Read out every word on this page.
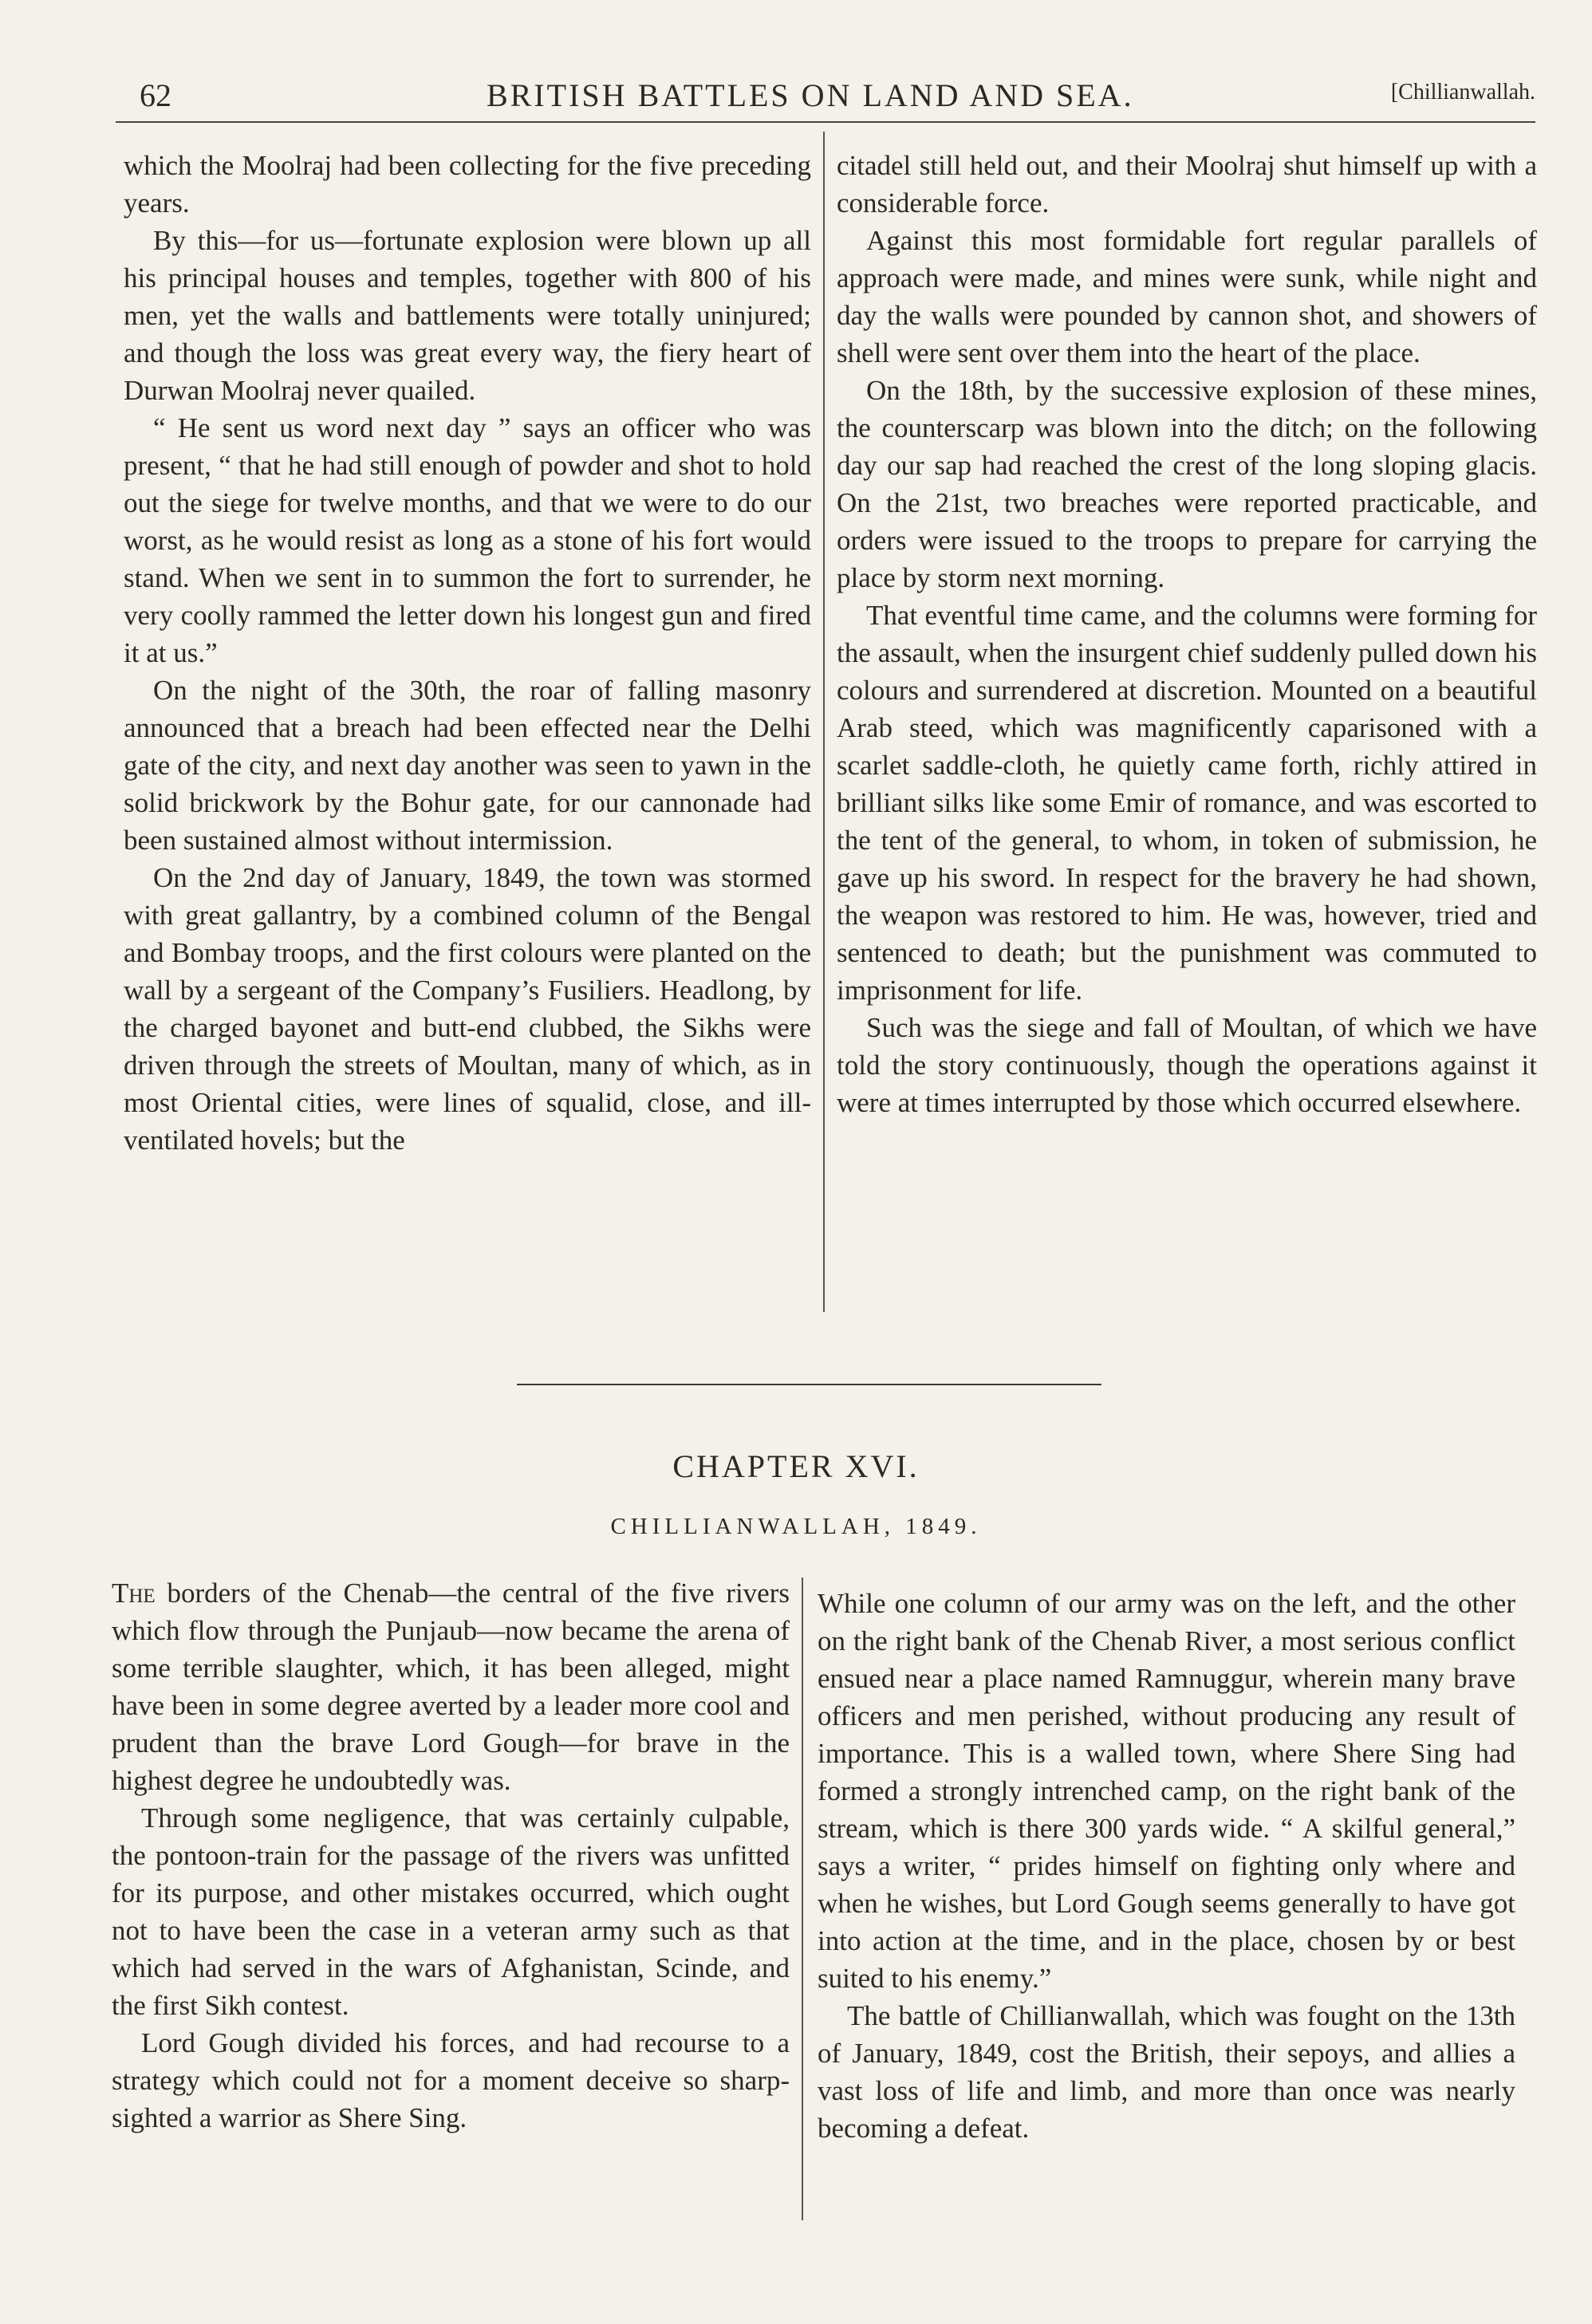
62	BRITISH BATTLES ON LAND AND SEA.	[Chillianwallah.

which the Moolraj had been collecting for the five preceding years.

By this—for us—fortunate explosion were blown up all his principal houses and temples, together with 800 of his men, yet the walls and battlements were totally uninjured; and though the loss was great every way, the fiery heart of Durwan Moolraj never quailed.

“ He sent us word next day ” says an officer who was present, “ that he had still enough of powder and shot to hold out the siege for twelve months, and that we were to do our worst, as he would resist as long as a stone of his fort would stand. When we sent in to summon the fort to surrender, he very coolly rammed the letter down his longest gun and fired it at us.”

On the night of the 30th, the roar of falling masonry announced that a breach had been effected near the Delhi gate of the city, and next day another was seen to yawn in the solid brickwork by the Bohur gate, for our cannonade had been sustained almost without intermission.

On the 2nd day of January, 1849, the town was stormed with great gallantry, by a combined column of the Bengal and Bombay troops, and the first colours were planted on the wall by a sergeant of the Company’s Fusiliers. Headlong, by the charged bayonet and butt-end clubbed, the Sikhs were driven through the streets of Moultan, many of which, as in most Oriental cities, were lines of squalid, close, and ill-ventilated hovels; but the

citadel still held out, and their Moolraj shut himself up with a considerable force.

Against this most formidable fort regular parallels of approach were made, and mines were sunk, while night and day the walls were pounded by cannon shot, and showers of shell were sent over them into the heart of the place.

On the 18th, by the successive explosion of these mines, the counterscarp was blown into the ditch; on the following day our sap had reached the crest of the long sloping glacis. On the 21st, two breaches were reported practicable, and orders were issued to the troops to prepare for carrying the place by storm next morning.

That eventful time came, and the columns were forming for the assault, when the insurgent chief suddenly pulled down his colours and surrendered at discretion. Mounted on a beautiful Arab steed, which was magnificently caparisoned with a scarlet saddle-cloth, he quietly came forth, richly attired in brilliant silks like some Emir of romance, and was escorted to the tent of the general, to whom, in token of submission, he gave up his sword. In respect for the bravery he had shown, the weapon was restored to him. He was, however, tried and sentenced to death; but the punishment was commuted to imprisonment for life.

Such was the siege and fall of Moultan, of which we have told the story continuously, though the operations against it were at times interrupted by those which occurred elsewhere.

CHAPTER XVI.
CHILLIANWALLAH, 1849.

The borders of the Chenab—the central of the five rivers which flow through the Punjaub—now became the arena of some terrible slaughter, which, it has been alleged, might have been in some degree averted by a leader more cool and prudent than the brave Lord Gough—for brave in the highest degree he undoubtedly was.

Through some negligence, that was certainly culpable, the pontoon-train for the passage of the rivers was unfitted for its purpose, and other mistakes occurred, which ought not to have been the case in a veteran army such as that which had served in the wars of Afghanistan, Scinde, and the first Sikh contest.

Lord Gough divided his forces, and had recourse to a strategy which could not for a moment deceive so sharp-sighted a warrior as Shere Sing.

While one column of our army was on the left, and the other on the right bank of the Chenab River, a most serious conflict ensued near a place named Ramnuggur, wherein many brave officers and men perished, without producing any result of importance. This is a walled town, where Shere Sing had formed a strongly intrenched camp, on the right bank of the stream, which is there 300 yards wide. “ A skilful general,” says a writer, “ prides himself on fighting only where and when he wishes, but Lord Gough seems generally to have got into action at the time, and in the place, chosen by or best suited to his enemy.”

The battle of Chillianwallah, which was fought on the 13th of January, 1849, cost the British, their sepoys, and allies a vast loss of life and limb, and more than once was nearly becoming a defeat.
